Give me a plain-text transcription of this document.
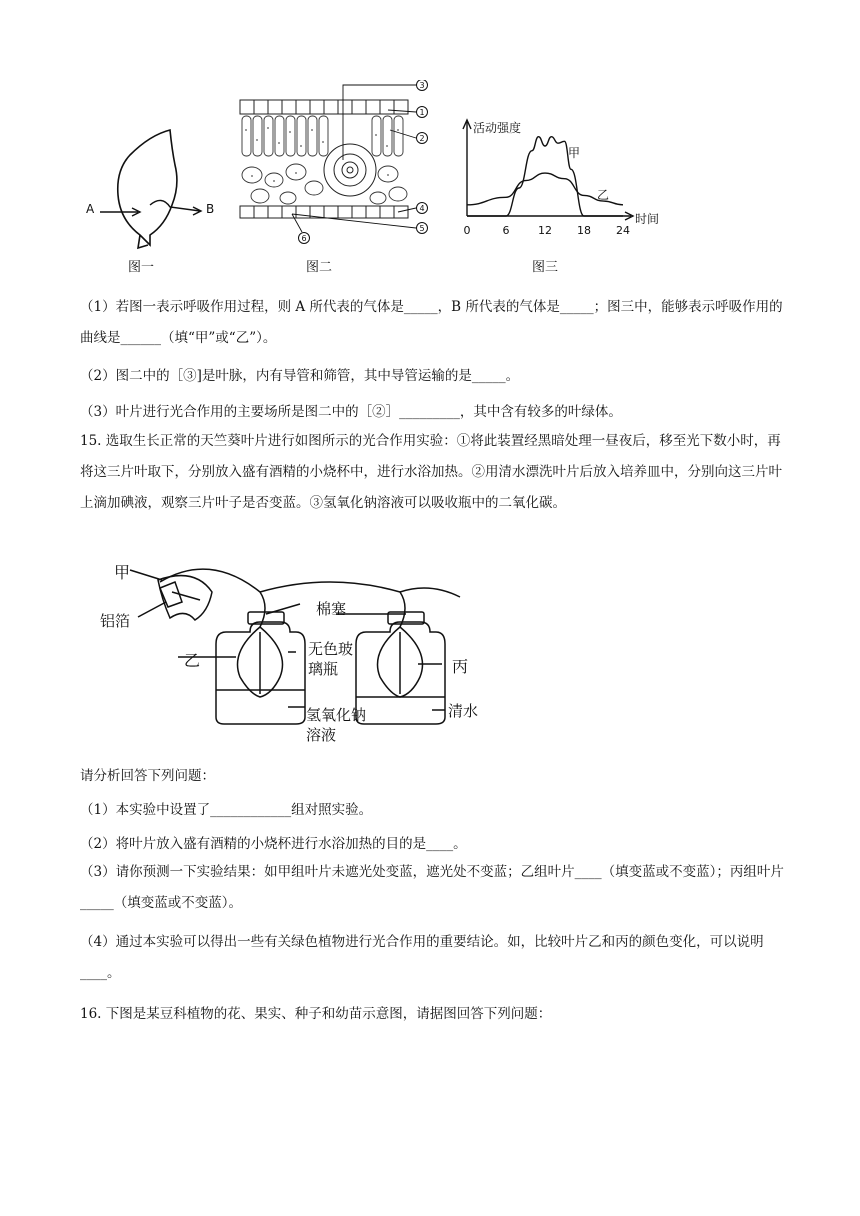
A	B
图一
3
1
2
4
5
6
图二
0	6	12 18 24
活动强度
时间
甲
乙
图三

（1）若图一表示呼吸作用过程，则 A 所代表的气体是_____，B 所代表的气体是_____；图三中，能够表示呼吸作用的曲线是______（填“甲”或“乙”）。

（2）图二中的［③]是叶脉，内有导管和筛管，其中导管运输的是_____。
（3）叶片进行光合作用的主要场所是图二中的［②］_________，其中含有较多的叶绿体。

15. 选取生长正常的天竺葵叶片进行如图所示的光合作用实验：①将此装置经黑暗处理一昼夜后，移至光下数小时，再将这三片叶取下，分别放入盛有酒精的小烧杯中，进行水浴加热。②用清水漂洗叶片后放入培养皿中，分别向这三片叶上滴加碘液，观察三片叶子是否变蓝。③氢氧化钠溶液可以吸收瓶中的二氧化碳。

甲
铝箔
棉塞
乙
无色玻
璃瓶	丙
氢氧化钠
溶液
清水
请分析回答下列问题：
（1）本实验中设置了____________组对照实验。
（2）将叶片放入盛有酒精的小烧杯进行水浴加热的目的是____。

（3）请你预测一下实验结果：如甲组叶片未遮光处变蓝，遮光处不变蓝；乙组叶片____（填变蓝或不变蓝）；丙组叶片_____（填变蓝或不变蓝）。

（4）通过本实验可以得出一些有关绿色植物进行光合作用的重要结论。如，比较叶片乙和丙的颜色变化，可以说明____。

16. 下图是某豆科植物的花、果实、种子和幼苗示意图，请据图回答下列问题：
